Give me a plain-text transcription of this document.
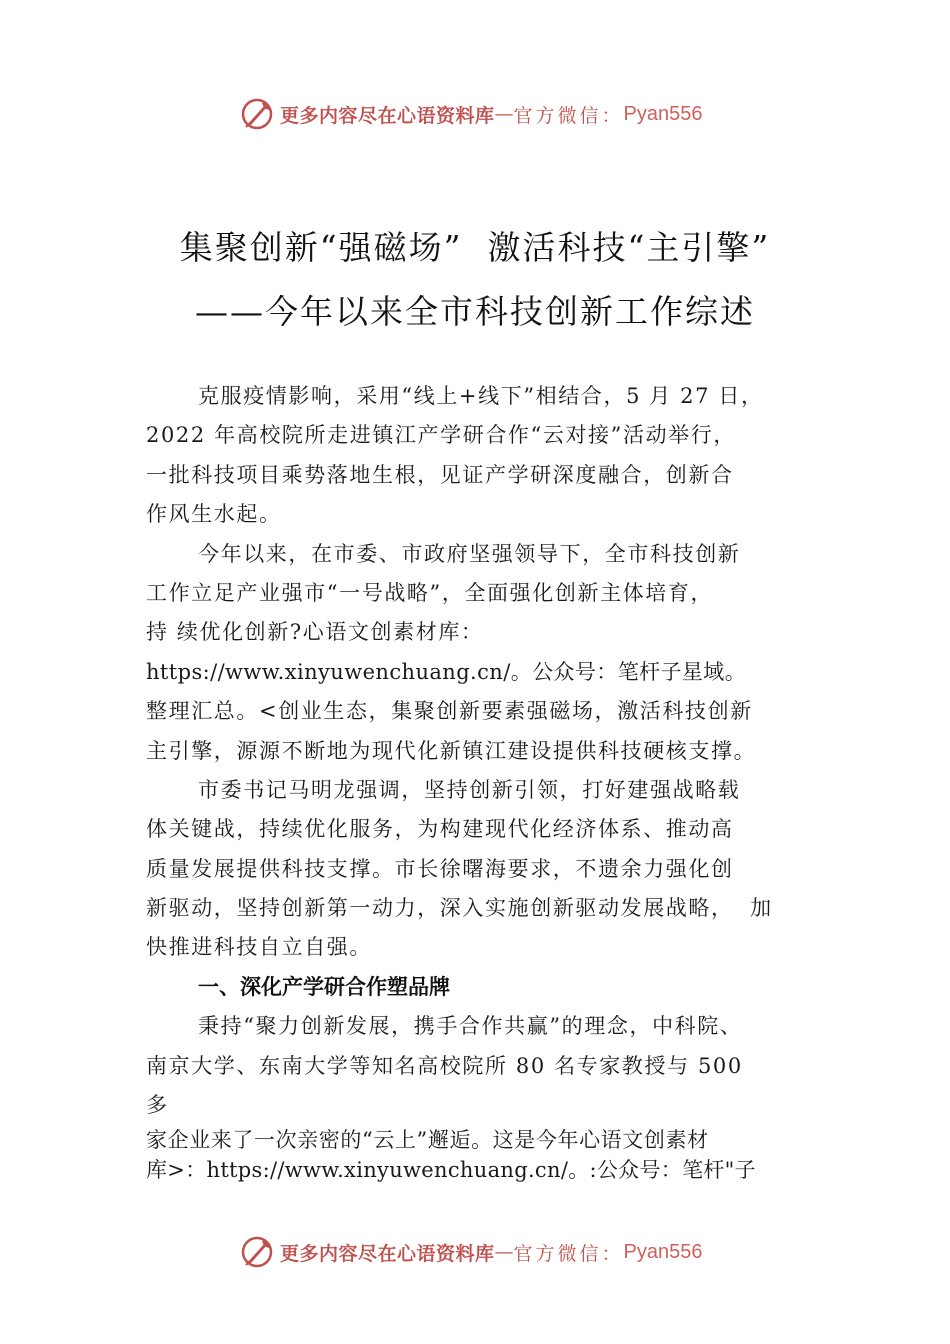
更多内容尽在心语资料库 — 官方微信： Pyan556
集聚创新“强磁场”  激活科技“主引擎”
——今年以来全市科技创新工作综述
克服疫情影响，采用“线上+线下”相结合，5 月 27 日，
2022 年高校院所走进镇江产学研合作“云对接”活动举行，
一批科技项目乘势落地生根，见证产学研深度融合，创新合
作风生水起。
今年以来，在市委、市政府坚强领导下，全市科技创新
工作立足产业强市“一号战略”，全面强化创新主体培育，
持 续优化创新?心语文创素材库：
https://www.xinyuwenchuang.cn/。公众号：笔杆子星域。
整理汇总。<创业生态，集聚创新要素强磁场，激活科技创新
主引擎，源源不断地为现代化新镇江建设提供科技硬核支撑。
市委书记马明龙强调，坚持创新引领，打好建强战略载
体关键战，持续优化服务，为构建现代化经济体系、推动高
质量发展提供科技支撑。市长徐曙海要求，不遗余力强化创
新驱动，坚持创新第一动力，深入实施创新驱动发展战略，  加
快推进科技自立自强。
一、深化产学研合作塑品牌
秉持“聚力创新发展，携手合作共赢”的理念，中科院、
南京大学、东南大学等知名高校院所 80 名专家教授与 500
多
家企业来了一次亲密的“云上”邂逅。这是今年心语文创素材
库>：https://www.xinyuwenchuang.cn/。:公众号：笔杆"子
更多内容尽在心语资料库 — 官方微信： Pyan556
